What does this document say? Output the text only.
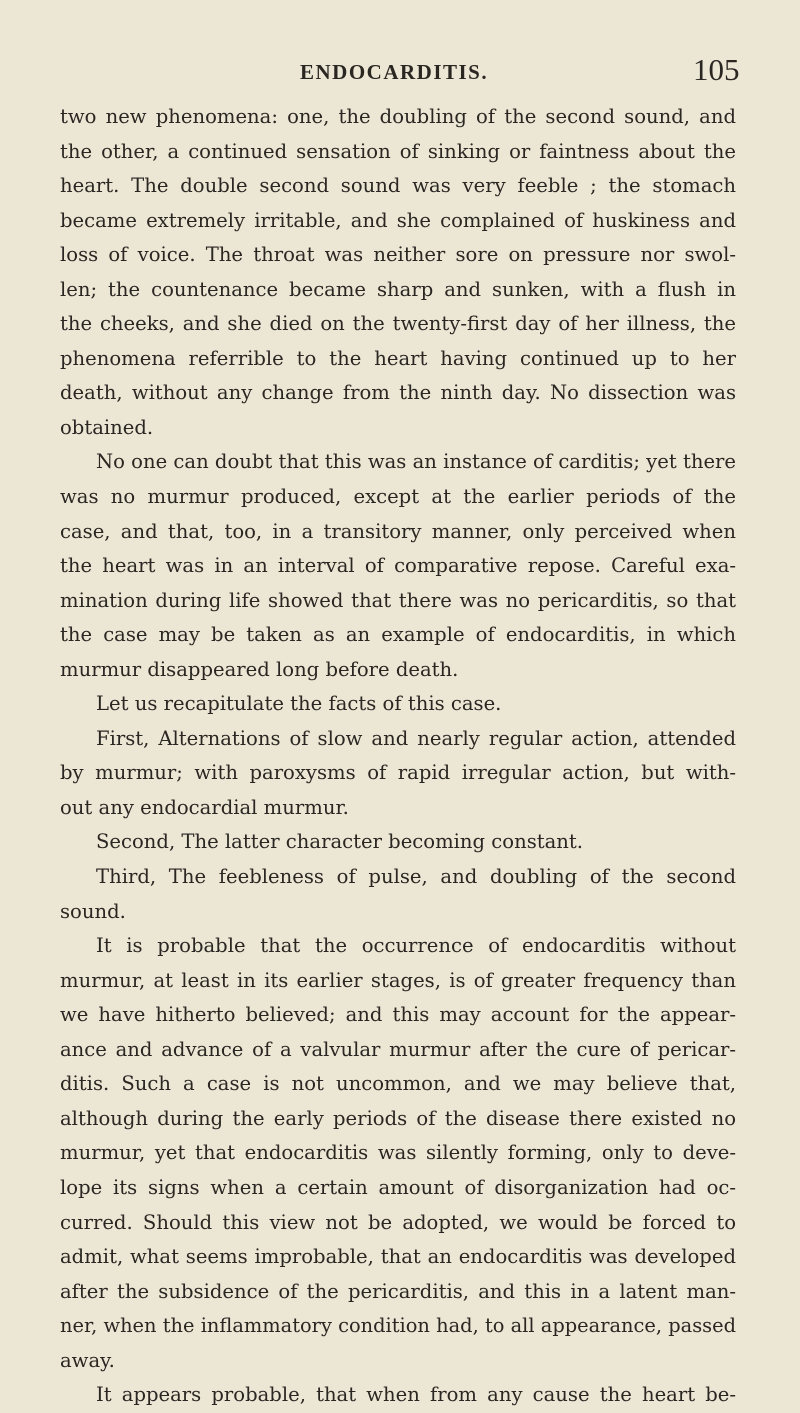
ENDOCARDITIS.	105
two new phenomena: one, the doubling of the second sound, and
the other, a continued sensation of sinking or faintness about the
heart. The double second sound was very feeble ; the stomach
became extremely irritable, and she complained of huskiness and
loss of voice. The throat was neither sore on pressure nor swol-
len; the countenance became sharp and sunken, with a flush in
the cheeks, and she died on the twenty-first day of her illness, the
phenomena referrible to the heart having continued up to her
death, without any change from the ninth day. No dissection was
obtained.
No one can doubt that this was an instance of carditis; yet there
was no murmur produced, except at the earlier periods of the
case, and that, too, in a transitory manner, only perceived when
the heart was in an interval of comparative repose. Careful exa-
mination during life showed that there was no pericarditis, so that
the case may be taken as an example of endocarditis, in which
murmur disappeared long before death.
Let us recapitulate the facts of this case.
First, Alternations of slow and nearly regular action, attended
by murmur; with paroxysms of rapid irregular action, but with-
out any endocardial murmur.
Second, The latter character becoming constant.
Third, The feebleness of pulse, and doubling of the second
sound.
It is probable that the occurrence of endocarditis without
murmur, at least in its earlier stages, is of greater frequency than
we have hitherto believed; and this may account for the appear-
ance and advance of a valvular murmur after the cure of pericar-
ditis. Such a case is not uncommon, and we may believe that,
although during the early periods of the disease there existed no
murmur, yet that endocarditis was silently forming, only to deve-
lope its signs when a certain amount of disorganization had oc-
curred. Should this view not be adopted, we would be forced to
admit, what seems improbable, that an endocarditis was developed
after the subsidence of the pericarditis, and this in a latent man-
ner, when the inflammatory condition had, to all appearance, passed
away.
It appears probable, that when from any cause the heart be-
